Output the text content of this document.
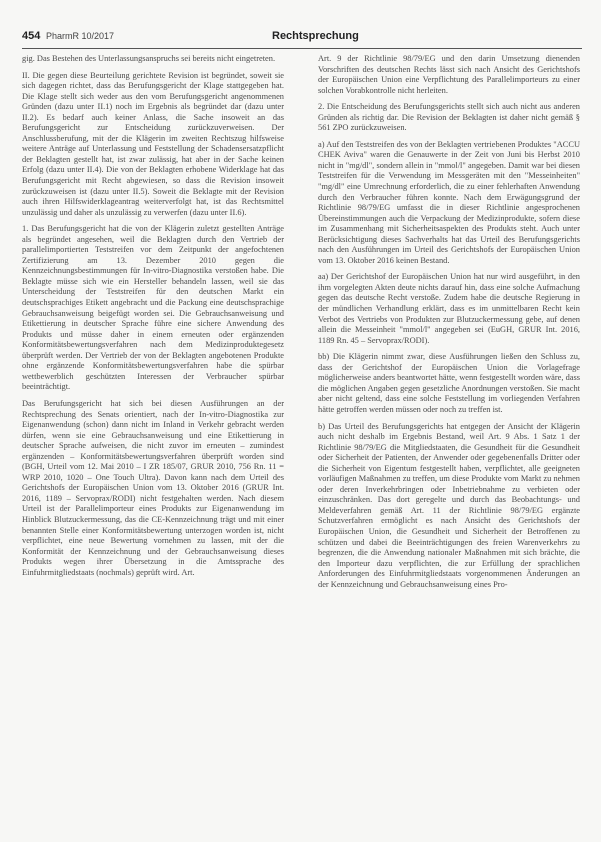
454 PharmR 10/2017	Rechtsprechung

gig. Das Bestehen des Unterlassungsanspruchs sei bereits nicht eingetreten.

II. Die gegen diese Beurteilung gerichtete Revision ist begründet, soweit sie sich dagegen richtet, dass das Berufungsgericht der Klage stattgegeben hat. Die Klage stellt sich weder aus den vom Berufungsgericht angenommenen Gründen (dazu unter II.1) noch im Ergebnis als begründet dar (dazu unter II.2). Es bedarf auch keiner Anlass, die Sache insoweit an das Berufungsgericht zur Entscheidung zurückzuverweisen. Der Anschlussberufung, mit der die Klägerin im zweiten Rechtszug hilfsweise weitere Anträge auf Unterlassung und Feststellung der Schadensersatzpflicht der Beklagten gestellt hat, ist zwar zulässig, hat aber in der Sache keinen Erfolg (dazu unter II.4). Die von der Beklagten erhobene Widerklage hat das Berufungsgericht mit Recht abgewiesen, so dass die Revision insoweit zurückzuweisen ist (dazu unter II.5). Soweit die Beklagte mit der Revision auch ihren Hilfswiderklageantrag weiterverfolgt hat, ist das Rechtsmittel unzulässig und daher als unzulässig zu verwerfen (dazu unter II.6).

1. Das Berufungsgericht hat die von der Klägerin zuletzt gestellten Anträge als begründet angesehen, weil die Beklagten durch den Vertrieb der parallelimportierten Teststreifen vor dem Zeitpunkt der angefochtenen Zertifizierung am 13. Dezember 2010 gegen die Kennzeichnungsbestimmungen für In-vitro-Diagnostika verstoßen habe. Die Beklagte müsse sich wie ein Hersteller behandeln lassen, weil sie das Unterscheidung der Teststreifen für den deutschen Markt ein deutschsprachiges Etikett angebracht und die Packung eine deutschsprachige Gebrauchsanweisung beigefügt worden sei. Die Gebrauchsanweisung und Etikettierung in deutscher Sprache führe eine sichere Anwendung des Produkts und müsse daher in einem erneuten oder ergänzenden Konformitätsbewertungsverfahren nach dem Medizinproduktegesetz überprüft werden. Der Vertrieb der von der Beklagten angebotenen Produkte ohne ergänzende Konformitätsbewertungsverfahren habe die spürbar wettbewerblich geschützten Interessen der Verbraucher spürbar beeinträchtigt.

Das Berufungsgericht hat sich bei diesen Ausführungen an der Rechtsprechung des Senats orientiert, nach der In-vitro-Diagnostika zur Eigenanwendung (schon) dann nicht im Inland in Verkehr gebracht werden dürfen, wenn sie eine Gebrauchsanweisung und eine Etikettierung in deutscher Sprache aufweisen, die nicht zuvor im erneuten – zumindest ergänzenden – Konformitätsbewertungsverfahren überprüft worden sind (BGH, Urteil vom 12. Mai 2010 – I ZR 185/07, GRUR 2010, 756 Rn. 11 = WRP 2010, 1020 – One Touch Ultra). Davon kann nach dem Urteil des Gerichtshofs der Europäischen Union vom 13. Oktober 2016 (GRUR Int. 2016, 1189 – Servoprax/RODI) nicht festgehalten werden. Nach diesem Urteil ist der Parallelimporteur eines Produkts zur Eigenanwendung im Hinblick Blutzuckermessung, das die CE-Kennzeichnung trägt und mit einer benannten Stelle einer Konformitätsbewertung unterzogen worden ist, nicht verpflichtet, eine neue Bewertung vornehmen zu lassen, mit der die Konformität der Kennzeichnung und der Gebrauchsanweisung dieses Produkts wegen ihrer Übersetzung in die Amtssprache des Einfuhrmitgliedstaats (nochmals) geprüft wird. Art.

Art. 9 der Richtlinie 98/79/EG und den darin Umsetzung dienenden Vorschriften des deutschen Rechts lässt sich nach Ansicht des Gerichtshofs der Europäischen Union eine Verpflichtung des Parallelimporteurs zu einer solchen Vorabkontrolle nicht herleiten.

2. Die Entscheidung des Berufungsgerichts stellt sich auch nicht aus anderen Gründen als richtig dar. Die Revision der Beklagten ist daher nicht gemäß § 561 ZPO zurückzuweisen.

a) Auf den Teststreifen des von der Beklagten vertriebenen Produktes "ACCU CHEK Aviva" waren die Genauwerte in der Zeit von Juni bis Herbst 2010 nicht in "mg/dl", sondern allein in "mmol/l" angegeben. Damit war bei diesen Teststreifen für die Verwendung im Messgeräten mit den "Messeinheiten" "mg/dl" eine Umrechnung erforderlich, die zu einer fehlerhaften Anwendung durch den Verbraucher führen konnte. Nach dem Erwägungsgrund der Richtlinie 98/79/EG umfasst die in dieser Richtlinie angesprochenen Übereinstimmungen auch die Verpackung der Medizinprodukte, sofern diese im Zusammenhang mit Sicherheitsaspekten des Produkts steht. Auch unter Berücksichtigung dieses Sachverhalts hat das Urteil des Berufungsgerichts nach den Ausführungen im Urteil des Gerichtshofs der Europäischen Union vom 13. Oktober 2016 keinen Bestand.

aa) Der Gerichtshof der Europäischen Union hat nur wird ausgeführt, in den ihm vorgelegten Akten deute nichts darauf hin, dass eine solche Aufmachung gegen das deutsche Recht verstoße. Zudem habe die deutsche Regierung in der mündlichen Verhandlung erklärt, dass es im unmittelbaren Recht kein Verbot des Vertriebs von Produkten zur Blutzuckermessung gebe, auf denen allein die Messeinheit "mmol/l" angegeben sei (EuGH, GRUR Int. 2016, 1189 Rn. 45 – Servoprax/RODI).

bb) Die Klägerin nimmt zwar, diese Ausführungen ließen den Schluss zu, dass der Gerichtshof der Europäischen Union die Vorlagefrage möglicherweise anders beantwortet hätte, wenn festgestellt worden wäre, dass die möglichen Angaben gegen gesetzliche Anordnungen verstoßen. Sie macht aber nicht geltend, dass eine solche Feststellung im vorliegenden Verfahren hätte getroffen werden müssen oder noch zu treffen ist.

b) Das Urteil des Berufungsgerichts hat entgegen der Ansicht der Klägerin auch nicht deshalb im Ergebnis Bestand, weil Art. 9 Abs. 1 Satz 1 der Richtlinie 98/79/EG die Mitgliedstaaten, die Gesundheit für die Gesundheit oder Sicherheit der Patienten, der Anwender oder gegebenenfalls Dritter oder die Sicherheit von Eigentum festgestellt haben, verpflichtet, alle geeigneten vorläufigen Maßnahmen zu treffen, um diese Produkte vom Markt zu nehmen oder deren Inverkehrbringen oder Inbetriebnahme zu verbieten oder einzuschränken. Das dort geregelte und durch das Beobachtungs- und Meldeverfahren gemäß Art. 11 der Richtlinie 98/79/EG ergänzte Schutzverfahren ermöglicht es nach Ansicht des Gerichtshofs der Europäischen Union, die Gesundheit und Sicherheit der Betroffenen zu schützen und dabei die Beeinträchtigungen des freien Warenverkehrs zu begrenzen, die die Anwendung nationaler Maßnahmen mit sich brächte, die den Importeur dazu verpflichten, die zur Erfüllung der sprachlichen Anforderungen des Einfuhrmitgliedstaats vorgenommenen Änderungen an der Kennzeichnung und Gebrauchsanweisung eines Pro-
